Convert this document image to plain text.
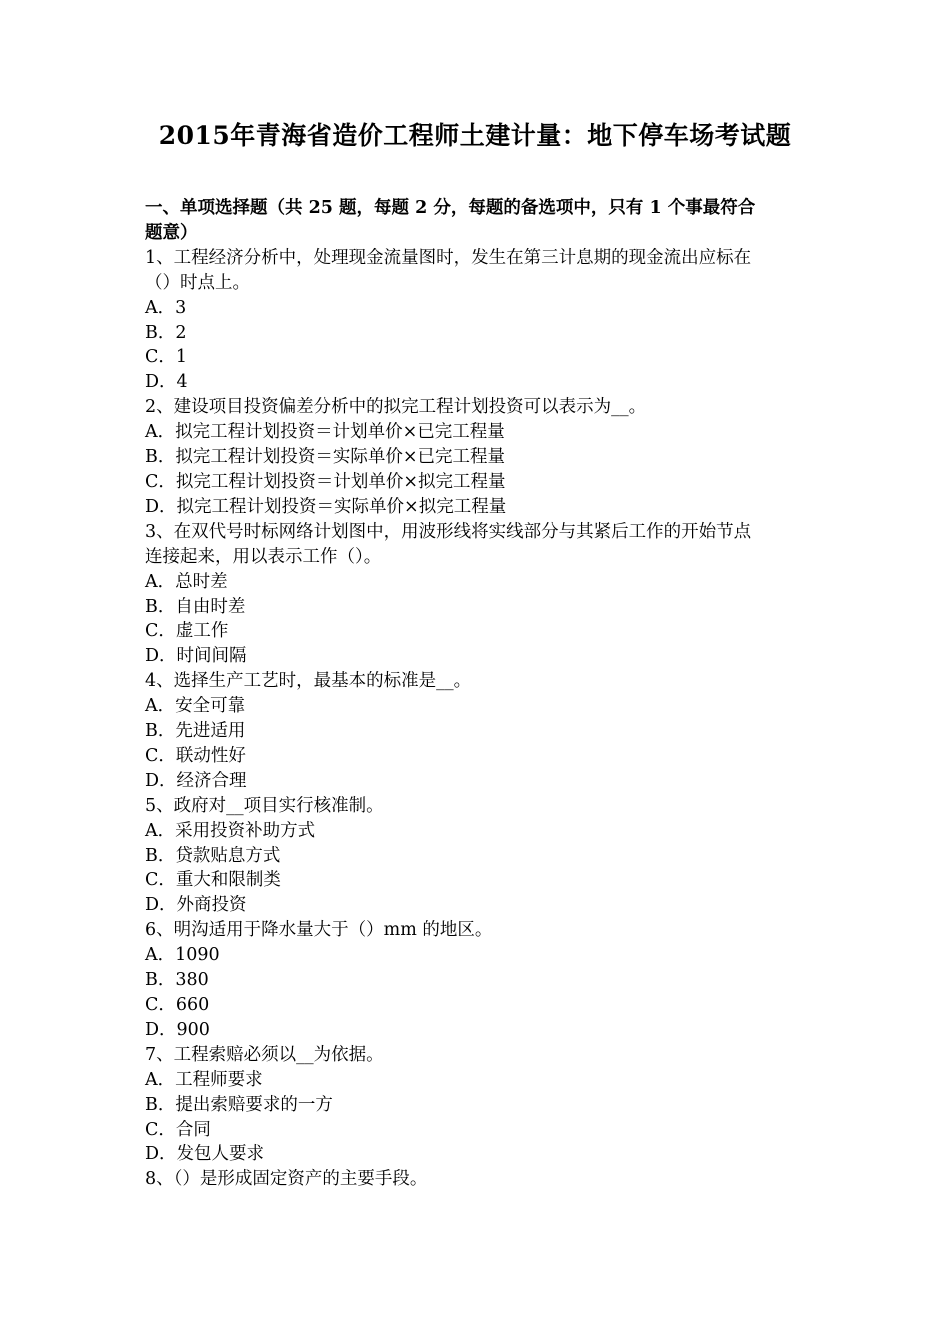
2015年青海省造价工程师土建计量：地下停车场考试题
一、单项选择题（共 25 题，每题 2 分，每题的备选项中，只有 1 个事最符合
题意）
1、工程经济分析中，处理现金流量图时，发生在第三计息期的现金流出应标在
（）时点上。
A．3
B．2
C．1
D．4
2、建设项目投资偏差分析中的拟完工程计划投资可以表示为__。
A．拟完工程计划投资＝计划单价×已完工程量
B．拟完工程计划投资＝实际单价×已完工程量
C．拟完工程计划投资＝计划单价×拟完工程量
D．拟完工程计划投资＝实际单价×拟完工程量
3、在双代号时标网络计划图中，用波形线将实线部分与其紧后工作的开始节点
连接起来，用以表示工作（）。
A．总时差
B．自由时差
C．虚工作
D．时间间隔
4、选择生产工艺时，最基本的标准是__。
A．安全可靠
B．先进适用
C．联动性好
D．经济合理
5、政府对__项目实行核准制。
A．采用投资补助方式
B．贷款贴息方式
C．重大和限制类
D．外商投资
6、明沟适用于降水量大于（）mm 的地区。
A．1090
B．380
C．660
D．900
7、工程索赔必须以__为依据。
A．工程师要求
B．提出索赔要求的一方
C．合同
D．发包人要求
8、（）是形成固定资产的主要手段。
